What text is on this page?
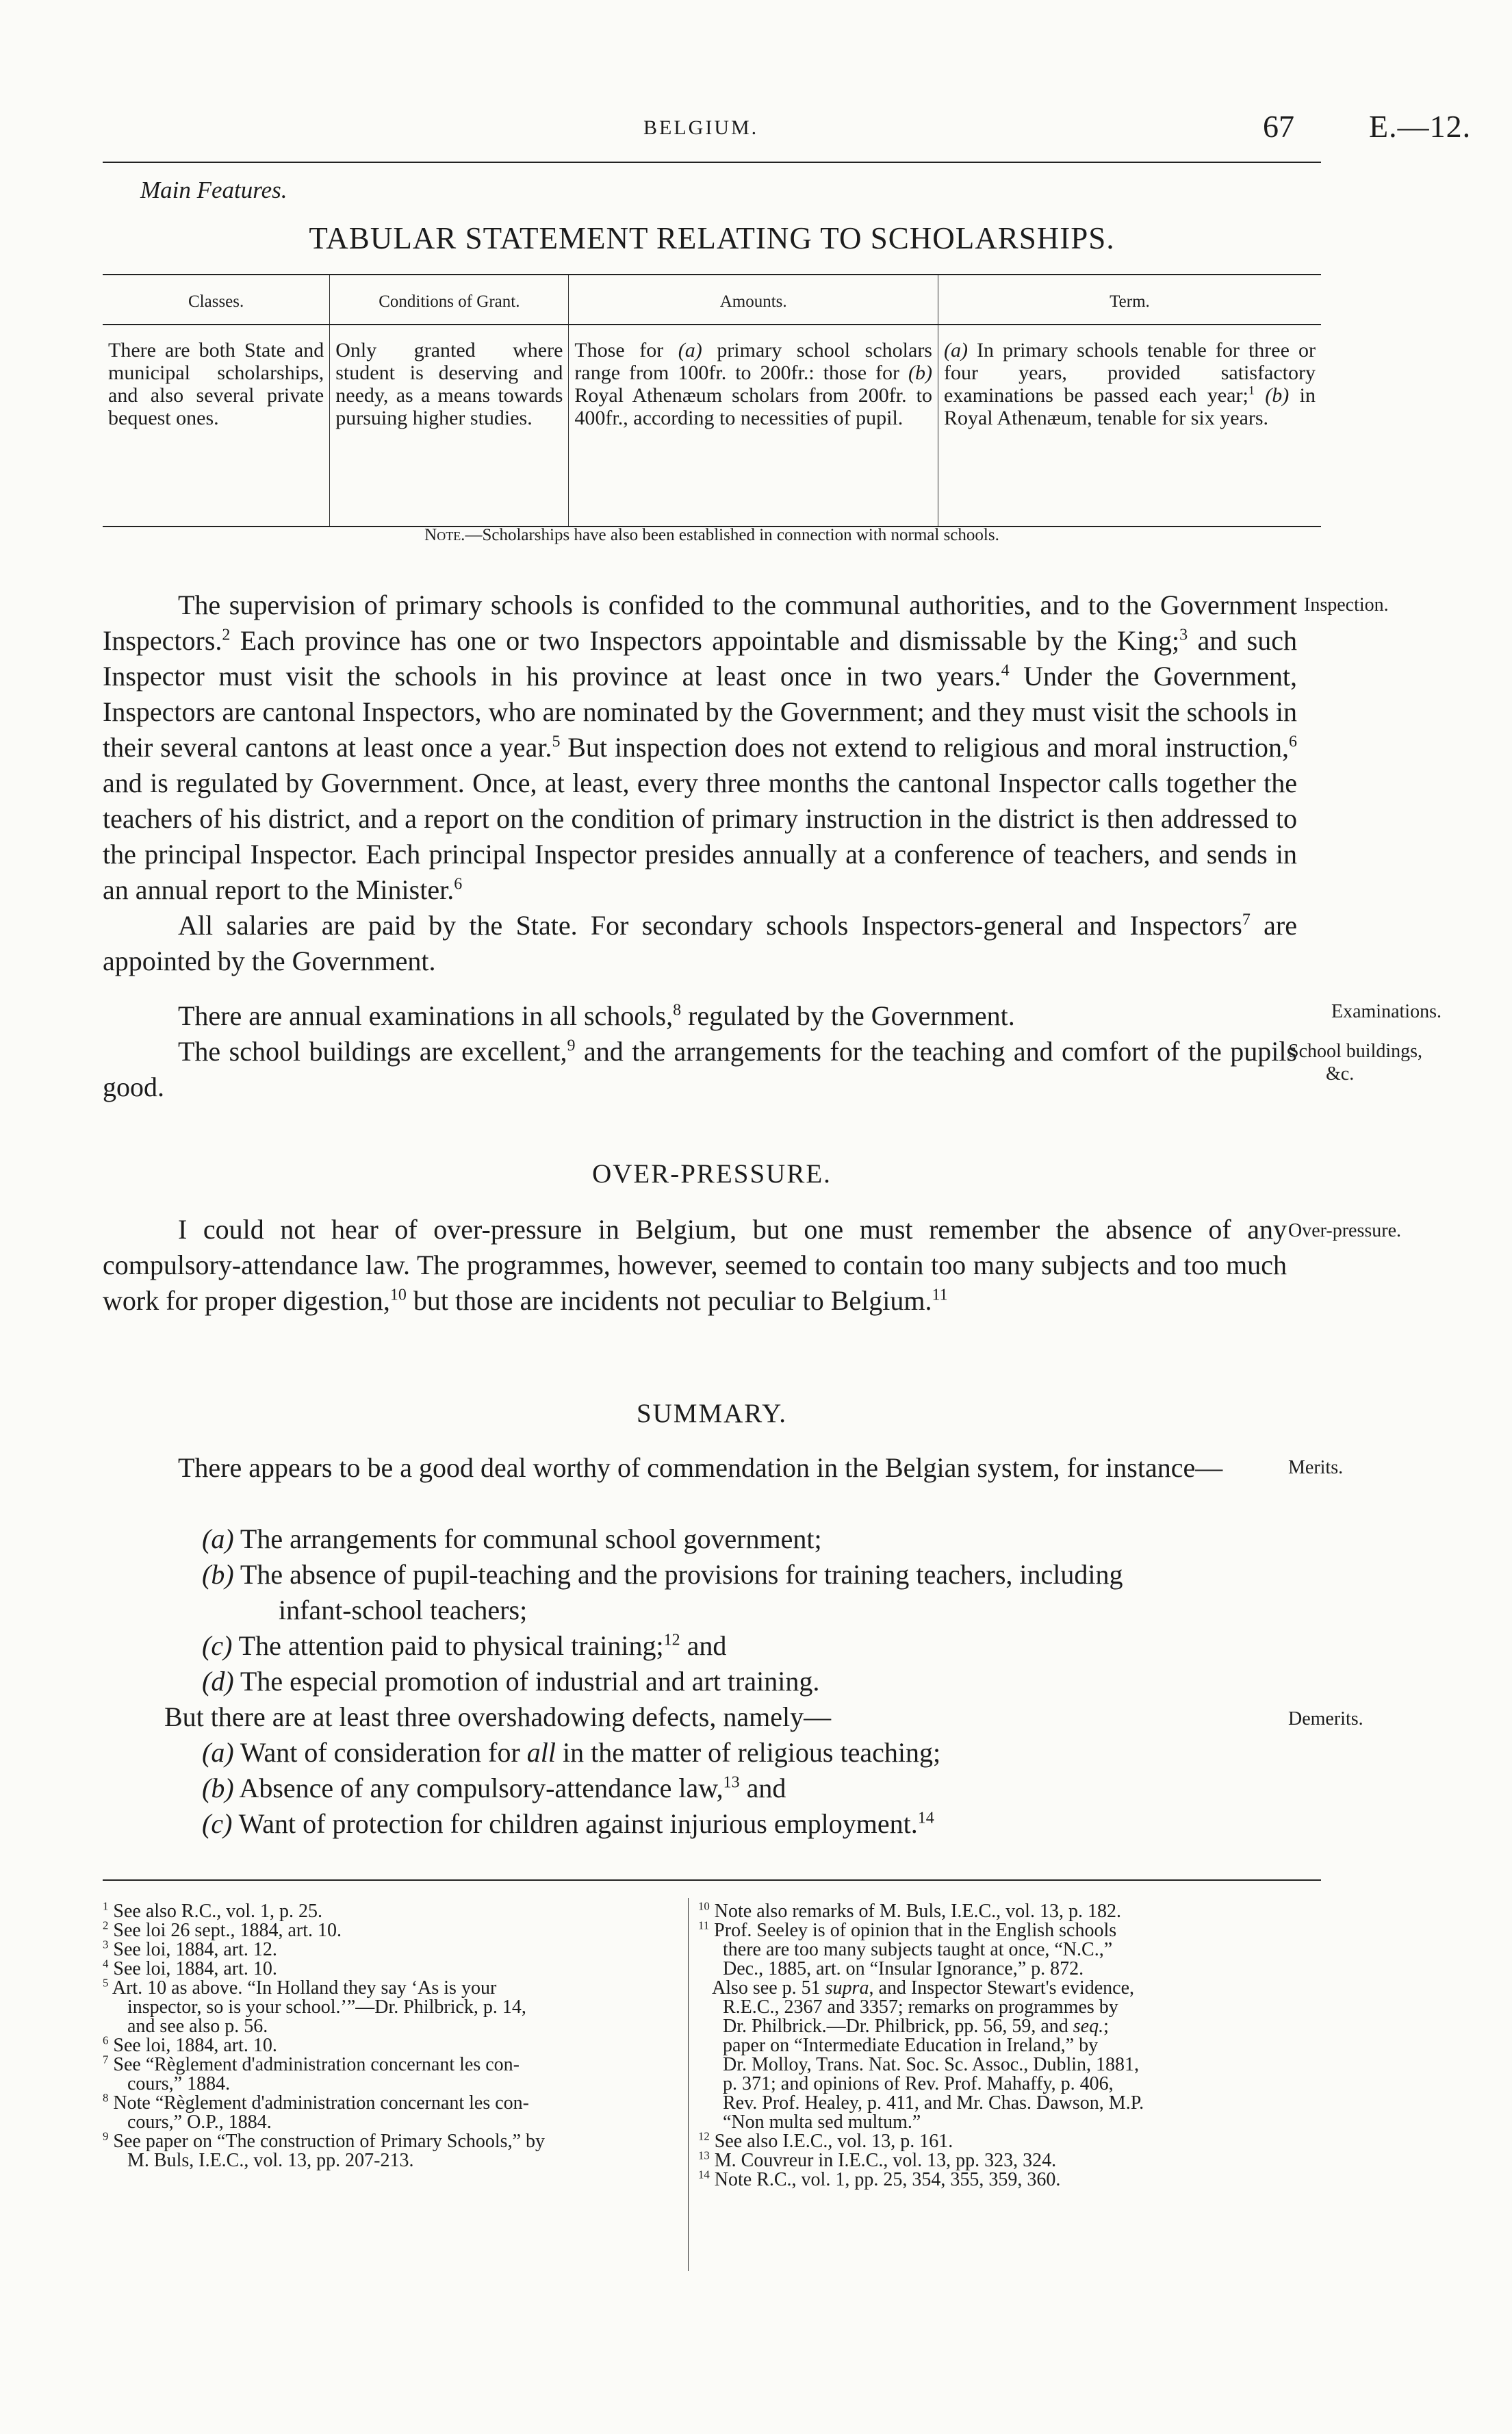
BELGIUM.	67 E.—12.
Main Features.
TABULAR STATEMENT RELATING TO SCHOLARSHIPS.
Classes.	Conditions of Grant.	Amounts.	Term.
There are both State and municipal scholarships, and also several private bequest ones.	Only granted where student is deserving and needy, as a means towards pursuing higher studies.	Those for (a) primary school scholars range from 100fr. to 200fr.: those for (b) Royal Athenæum scholars from 200fr. to 400fr., according to necessities of pupil.	(a) In primary schools tenable for three or four years, provided satisfactory examinations be passed each year;$^1$ (b) in Royal Athenæum, tenable for six years.
Note.—Scholarships have also been established in connection with normal schools.
Inspection.
The supervision of primary schools is confided to the communal authorities, and to the Government Inspectors.$^2$ Each province has one or two Inspectors appointable and dismissable by the King;$^3$ and such Inspector must visit the schools in his province at least once in two years.$^4$ Under the Government, Inspectors are cantonal Inspectors, who are nominated by the Government; and they must visit the schools in their several cantons at least once a year.$^5$ But inspection does not extend to religious and moral instruction,$^6$ and is regulated by Government. Once, at least, every three months the cantonal Inspector calls together the teachers of his district, and a report on the condition of primary instruction in the district is then addressed to the principal Inspector. Each principal Inspector presides annually at a conference of teachers, and sends in an annual report to the Minister.$^6$
All salaries are paid by the State. For secondary schools Inspectors-general and Inspectors$^7$ are appointed by the Government.
Examinations.
There are annual examinations in all schools,$^8$ regulated by the Government.
School buildings,
&c.
The school buildings are excellent,$^9$ and the arrangements for the teaching and comfort of the pupils good.
OVER-PRESSURE.
Over-pressure.
I could not hear of over-pressure in Belgium, but one must remember the absence of any compulsory-attendance law. The programmes, however, seemed to contain too many subjects and too much work for proper digestion,$^{10}$ but those are incidents not peculiar to Belgium.$^{11}$
SUMMARY.
Merits.
There appears to be a good deal worthy of commendation in the Belgian system, for instance—
(a) The arrangements for communal school government;
(b) The absence of pupil-teaching and the provisions for training teachers, including
infant-school teachers;
(c) The attention paid to physical training;$^{12}$ and
(d) The especial promotion of industrial and art training.
Demerits.
But there are at least three overshadowing defects, namely—
(a) Want of consideration for all in the matter of religious teaching;
(b) Absence of any compulsory-attendance law,$^{13}$ and
(c) Want of protection for children against injurious employment.$^{14}$
$^1$ See also R.C., vol. 1, p. 25.
$^2$ See loi 26 sept., 1884, art. 10.
$^3$ See loi, 1884, art. 12.
$^4$ See loi, 1884, art. 10.
$^5$ Art. 10 as above. “In Holland they say ‘As is your
inspector, so is your school.’”—Dr. Philbrick, p. 14,
and see also p. 56.
$^6$ See loi, 1884, art. 10.
$^7$ See “Règlement d'administration concernant les con-
cours,” 1884.
$^8$ Note “Règlement d'administration concernant les con-
cours,” O.P., 1884.
$^9$ See paper on “The construction of Primary Schools,” by
M. Buls, I.E.C., vol. 13, pp. 207-213.
$^{10}$ Note also remarks of M. Buls, I.E.C., vol. 13, p. 182.
$^{11}$ Prof. Seeley is of opinion that in the English schools
there are too many subjects taught at once, “N.C.,”
Dec., 1885, art. on “Insular Ignorance,” p. 872.
Also see p. 51 supra, and Inspector Stewart's evidence,
R.E.C., 2367 and 3357; remarks on programmes by
Dr. Philbrick.—Dr. Philbrick, pp. 56, 59, and seq.;
paper on “Intermediate Education in Ireland,” by
Dr. Molloy, Trans. Nat. Soc. Sc. Assoc., Dublin, 1881,
p. 371; and opinions of Rev. Prof. Mahaffy, p. 406,
Rev. Prof. Healey, p. 411, and Mr. Chas. Dawson, M.P.
“Non multa sed multum.”
$^{12}$ See also I.E.C., vol. 13, p. 161.
$^{13}$ M. Couvreur in I.E.C., vol. 13, pp. 323, 324.
$^{14}$ Note R.C., vol. 1, pp. 25, 354, 355, 359, 360.
